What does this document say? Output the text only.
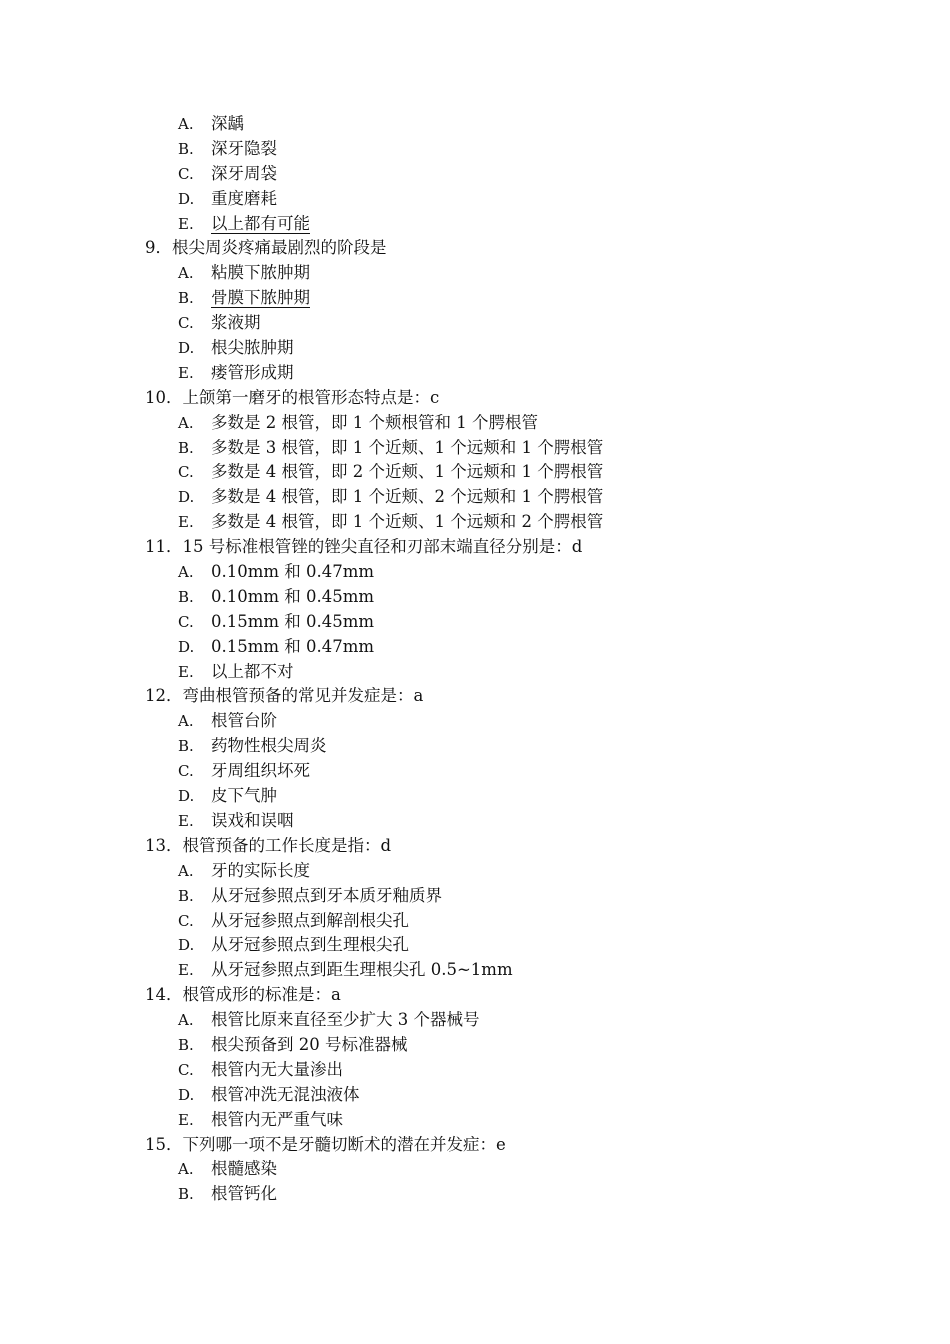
A. 深龋
B. 深牙隐裂
C. 深牙周袋
D. 重度磨耗
E. 以上都有可能
9．根尖周炎疼痛最剧烈的阶段是
A. 粘膜下脓肿期
B. 骨膜下脓肿期
C. 浆液期
D. 根尖脓肿期
E. 瘘管形成期
10．上颌第一磨牙的根管形态特点是：c
A. 多数是 2 根管，即 1 个颊根管和 1 个腭根管
B. 多数是 3 根管，即 1 个近颊、1 个远颊和 1 个腭根管
C. 多数是 4 根管，即 2 个近颊、1 个远颊和 1 个腭根管
D. 多数是 4 根管，即 1 个近颊、2 个远颊和 1 个腭根管
E. 多数是 4 根管，即 1 个近颊、1 个远颊和 2 个腭根管
11．15 号标准根管锉的锉尖直径和刃部末端直径分别是：d
A. 0.10mm 和 0.47mm
B. 0.10mm 和 0.45mm
C. 0.15mm 和 0.45mm
D. 0.15mm 和 0.47mm
E. 以上都不对
12．弯曲根管预备的常见并发症是：a
A. 根管台阶
B. 药物性根尖周炎
C. 牙周组织坏死
D. 皮下气肿
E. 误戏和误咽
13．根管预备的工作长度是指：d
A. 牙的实际长度
B. 从牙冠参照点到牙本质牙釉质界
C. 从牙冠参照点到解剖根尖孔
D. 从牙冠参照点到生理根尖孔
E. 从牙冠参照点到距生理根尖孔 0.5~1mm
14．根管成形的标准是：a
A. 根管比原来直径至少扩大 3 个器械号
B. 根尖预备到 20 号标准器械
C. 根管内无大量渗出
D. 根管冲洗无混浊液体
E. 根管内无严重气味
15．下列哪一项不是牙髓切断术的潜在并发症：e
A. 根髓感染
B. 根管钙化
